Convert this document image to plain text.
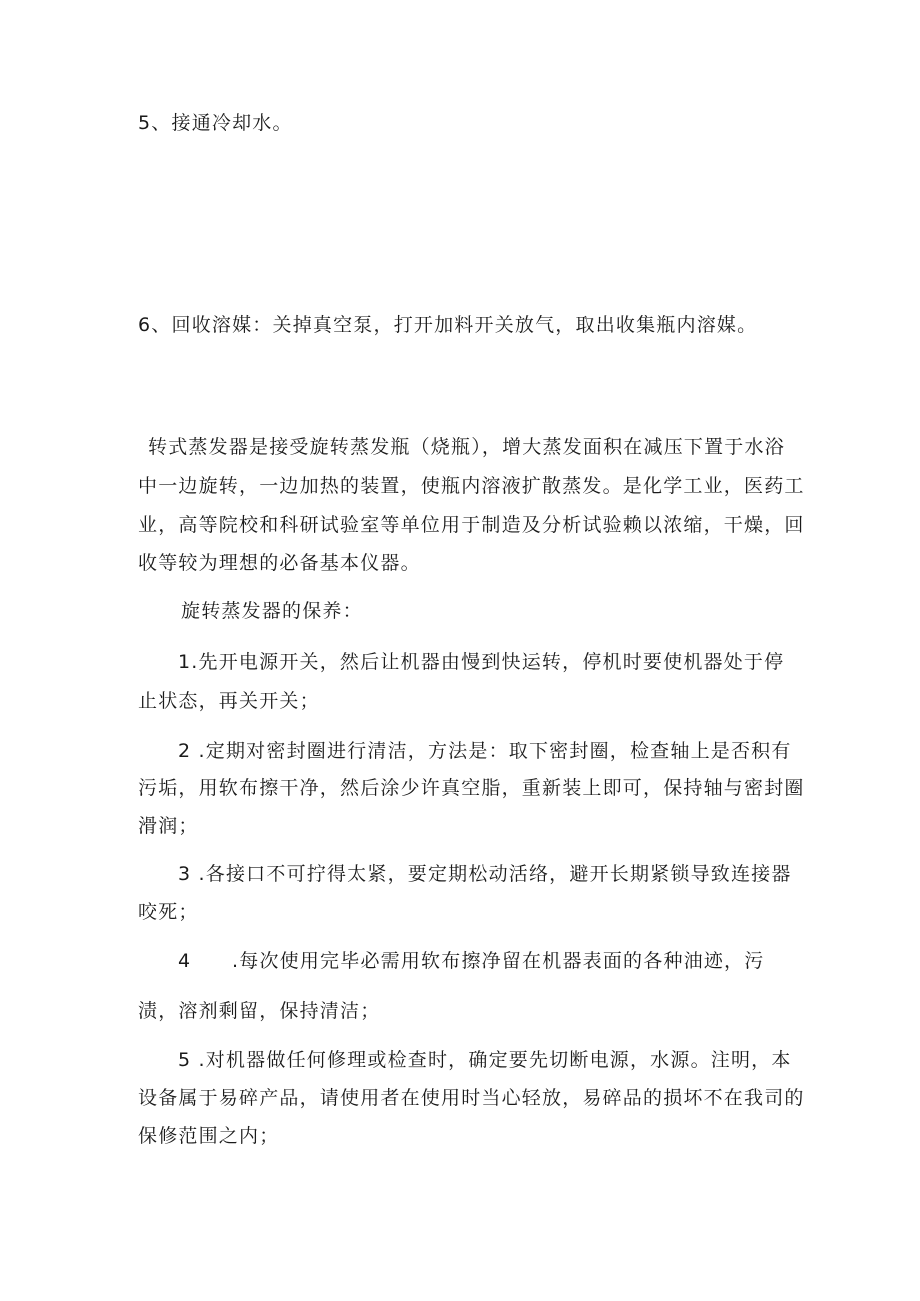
5、接通冷却水。
6、回收溶媒：关掉真空泵，打开加料开关放气，取出收集瓶内溶媒。
转式蒸发器是接受旋转蒸发瓶（烧瓶），增大蒸发面积在减压下置于水浴
中一边旋转，一边加热的装置，使瓶内溶液扩散蒸发。是化学工业，医药工
业，高等院校和科研试验室等单位用于制造及分析试验赖以浓缩，干燥，回
收等较为理想的必备基本仪器。
旋转蒸发器的保养：
1.先开电源开关，然后让机器由慢到快运转，停机时要使机器处于停
止状态，再关开关；
2 .定期对密封圈进行清洁，方法是：取下密封圈，检查轴上是否积有
污垢，用软布擦干净，然后涂少许真空脂，重新装上即可，保持轴与密封圈
滑润；
3 .各接口不可拧得太紧，要定期松动活络，避开长期紧锁导致连接器
咬死；
4 .每次使用完毕必需用软布擦净留在机器表面的各种油迹，污
渍，溶剂剩留，保持清洁；
5 .对机器做任何修理或检查时，确定要先切断电源，水源。注明，本
设备属于易碎产品，请使用者在使用时当心轻放，易碎品的损坏不在我司的
保修范围之内；
